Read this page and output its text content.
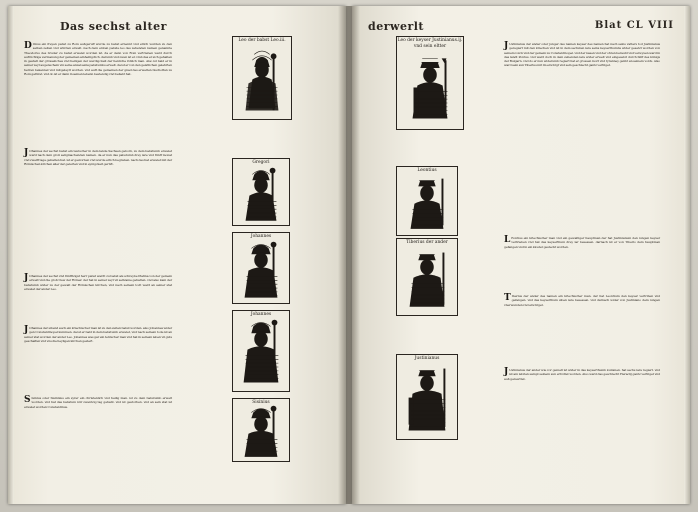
Das sechst alter

D Onus ein freyen pabst zu Rom außgeruff wurde zu babst ernennt vnd etlich wurden zu den selben zeiten vnd würden erwelt. nach dem ersten pabste leo des zehenden namen genannte Theodorus des bruder zu babst erwelet worden ist. da er denn von Rom vertrieben ward durch aufrüchtige vermanung der gemeinen ainhelligclich. darumb vnd zwen ist er. vmb das er sich gehalten in gestalt der grösseliches vnd heiligen der werdigckeit der henliche löblich man. Also ist bald er in seiner zeyt augenschein vm seine anzal seins pabstumbs erwelt. da ist er von den geistlichen gelehrten herren bekennet vnd mitgeteylt worden. vnd auff die gemeinen der gnad des erwelten bischoffen zu Rom gefüret. vnd do ist er dann in seinen lebenn bestendig vnd beliebt hat.

J Ohannes der sechst babst ein teutscher in dem lande Sachsen geborn, zu dem babstumb erwelet ward nach dem groß seligmachenden namen. da er nun das pabstumb drey iare vnd fünff monat vnd zwelff tage gehalten hat. ist er gestorben vnd wurde erlich begraben. nach des hat erwelet mit der Römischen kirchen aller der gelerten vnd in eynigckeit gerüft.

J Ohannes der sechst vnd fünfftzigst herr pabst wardt zu babst als schreybe Platina von der gemein erwelt vnd die groß trew der Römer. der hat in seiner zeyt vil seltzame gehalten. vnd also kam der babstumb wider zu der gewalt der Römischen kirchen, vnd nach seinem todt ward an seiner stat erwelet der ander Leo.

J Ohannes der sibend auch ein kriechischer man ist zu den zeiten babst worden. also Johannes wider gen Constantinopel kummen. da ist er bald in dem babstumb erwelet, vnd nach seinem tode ist an seiner stat worden der ander Leo. Johannes was gar ein teütscher man vnd hat in seinem leben vil guts geschaffen vnd vns die heyligen kirchen geziert.

S Isinius oder Sisinnius ein syrer ein christenlich vnd heilig man. ist zu dem babstumb erwelt worden. vnd hat das babstum nür zwentzig tag gehabt. vnd ist gestorben. vnd an sein stat ist erwelet worden Constantinus.

Leo der babst Leo.iii.
Gregori
Johannes
Johannes
Sisinius
derwerlt	Blat CL VIII

J Ustinianus der ander oder junger des namen keyser des namen hat nach seins vatters tod Justinianus geregiert mit den kriechen vnd ist in dem sechsten iare seins keyserthumbs wider gesetzt worden von seinem volck vnd der gemein zu Constantinopel. vnd der nasen vnd der ohren beraubt vnd verwysen ward in das landt Pontus. vnd ward doch in dem zehenden iare wider erwelt vnd eingesetzt durch hilff des künigs der Bulgarn. vnd do er nun widerumb regiert hat er grossen mort vnd tyranney geübt an seinem volck. Also ward sein sun Tiberius mit im erwürgt vnd sein geschlecht gantz vertilget.

L Eontius ein kriechischer man vnd ein gewaltiger hauptman der hat Justinianum den iungen keyser vertrieben vnd hat das keyserthum drey iar besessen. darnach ist er von Tiberio dem hauptman gefangen vnd in ein kloster gesteckt worden.

T Iberius der ander des namen ein kriechischer man. der hat Leontium den keyser vertriben vnd gefangen. vnd das keyserthum siben iare besessen. vnd darnach wider von Justiniano dem iungen vberwunden vnd erwürget.

J Ustinianus der ander wie vor gemelt ist wider in das keyserthumb kummen. hat sechs iare regiert. vnd ist am letzten sampt seinem sun ertödtet worden. Also ward das geschlecht Heraclij gantz vertilget vnd auß gerewttet.

Leo der keyser Justinianus.ij. vnd sein eltter
Leontius
Tiberius der ander
Justinianus
